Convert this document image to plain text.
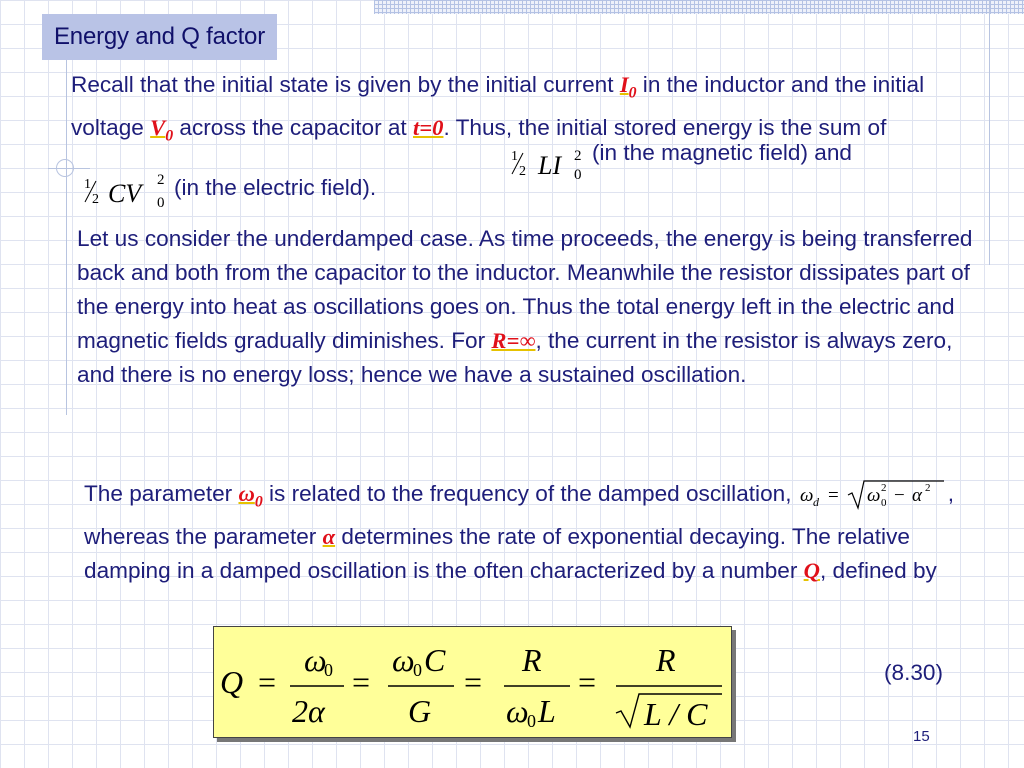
Energy and Q factor

Recall that the initial state is given by the initial current $I_0$ in the inductor and the initial voltage $V_0$ across the capacitor at t=0. Thus, the initial stored energy is the sum of

1
2 LI 2
0
(in the magnetic field) and
1
2 CV 2
0
(in the electric field).

Let us consider the underdamped case. As time proceeds, the energy is being transferred back and both from the capacitor to the inductor. Meanwhile the resistor dissipates part of the energy into heat as oscillations goes on. Thus the total energy left in the electric and magnetic fields gradually diminishes. For R=∞, the current in the resistor is always zero, and there is no energy loss; hence we have a sustained oscillation.

The parameter $\omega_0$ is related to the frequency of the damped oscillation, ω d = ω 2
0 − α 2 , whereas the parameter α determines the rate of exponential decaying. The relative damping in a damped oscillation is the often characterized by a number Q, defined by

Q =
ω
0
2α
=
ω
0 C
G
=
R
ω
0 L
=
R
L / C
(8.30)
15
